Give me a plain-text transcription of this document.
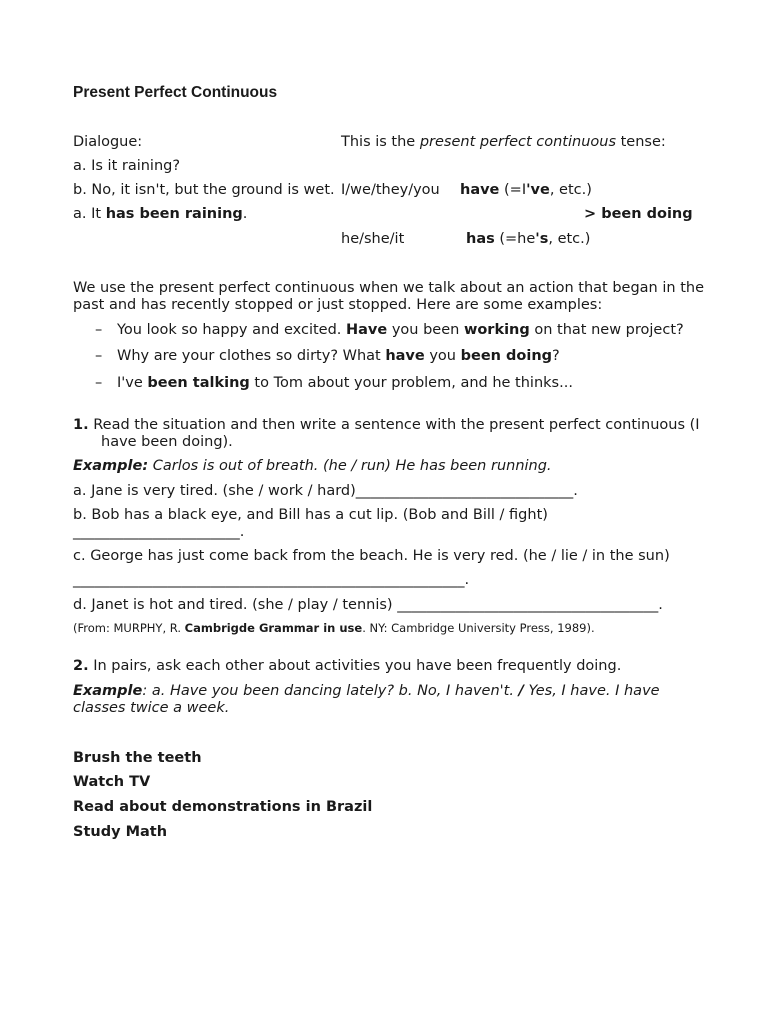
Present Perfect Continuous
Dialogue:
a. Is it raining?
b. No, it isn't, but the ground is wet.
a. It has been raining.
This is the present perfect continuous tense:
I/we/they/you have (=I've, etc.)
> been doing
he/she/it	has (=he's, etc.)
We use the present perfect continuous when we talk about an action that began in the
past and has recently stopped or just stopped. Here are some examples:
– You look so happy and excited. Have you been working on that new project?
– Why are your clothes so dirty? What have you been doing?
– I've been talking to Tom about your problem, and he thinks...
1. Read the situation and then write a sentence with the present perfect continuous (I
have been doing).
Example: Carlos is out of breath. (he / run) He has been running.
a. Jane is very tired. (she / work / hard)______________________________.
b. Bob has a black eye, and Bill has a cut lip. (Bob and Bill / fight)
_______________________.
c. George has just come back from the beach. He is very red. (he / lie / in the sun)
______________________________________________________.
d. Janet is hot and tired. (she / play / tennis) ____________________________________.
(From: MURPHY, R. Cambrigde Grammar in use. NY: Cambridge University Press, 1989).
2. In pairs, ask each other about activities you have been frequently doing.
Example: a. Have you been dancing lately? b. No, I haven't. / Yes, I have. I have
classes twice a week.
Brush the teeth
Watch TV
Read about demonstrations in Brazil
Study Math
